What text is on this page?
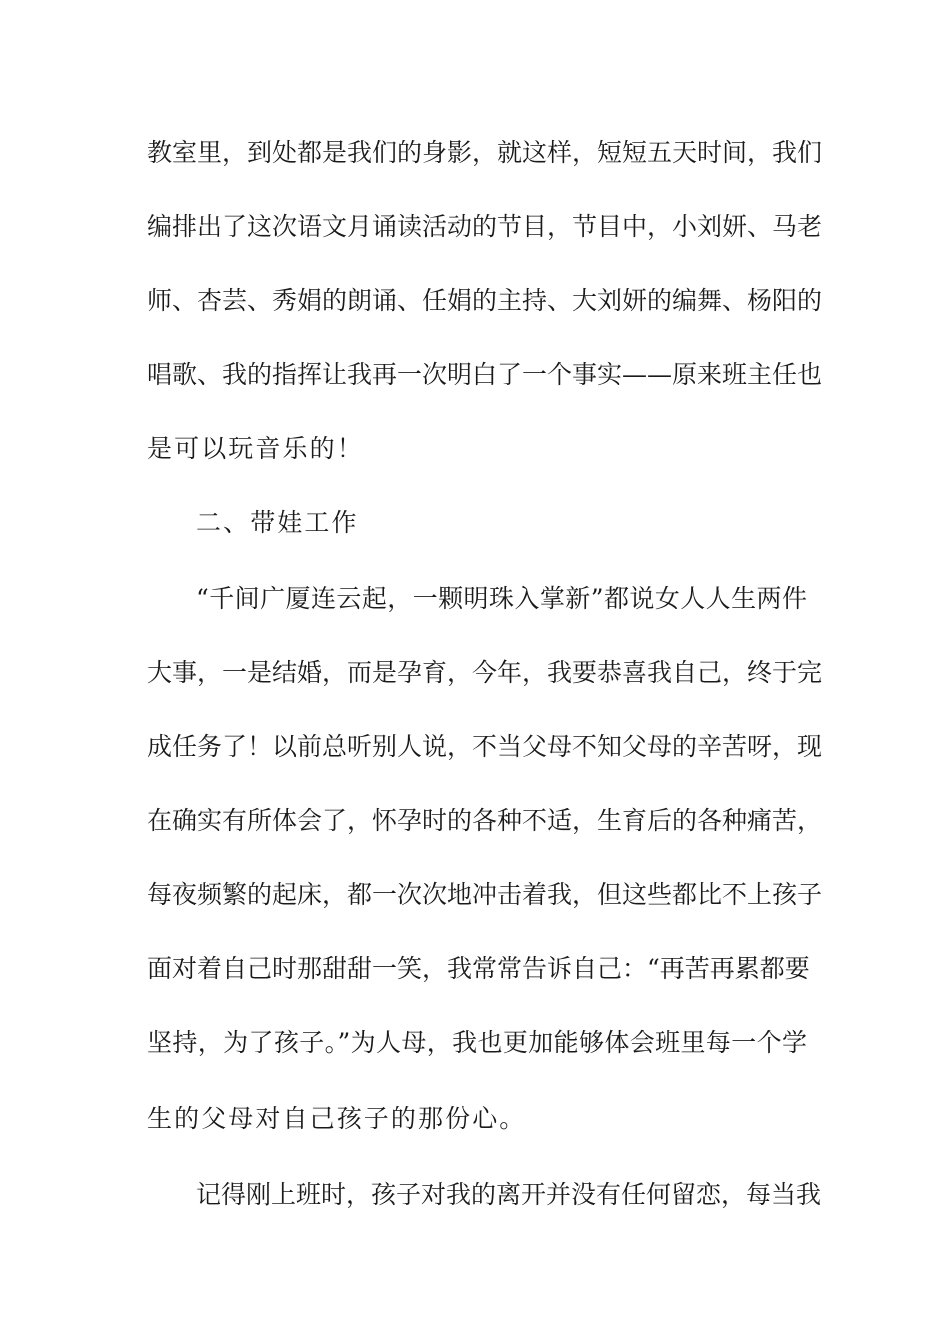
教室里，到处都是我们的身影，就这样，短短五天时间，我们
编排出了这次语文月诵读活动的节目，节目中，小刘妍、马老
师、杏芸、秀娟的朗诵、任娟的主持、大刘妍的编舞、杨阳的
唱歌、我的指挥让我再一次明白了一个事实——原来班主任也
是可以玩音乐的！
二、带娃工作
“千间广厦连云起，一颗明珠入掌新”都说女人人生两件
大事，一是结婚，而是孕育，今年，我要恭喜我自己，终于完
成任务了！以前总听别人说，不当父母不知父母的辛苦呀，现
在确实有所体会了，怀孕时的各种不适，生育后的各种痛苦，
每夜频繁的起床，都一次次地冲击着我，但这些都比不上孩子
面对着自己时那甜甜一笑，我常常告诉自己：“再苦再累都要
坚持，为了孩子。”为人母，我也更加能够体会班里每一个学
生的父母对自己孩子的那份心。
记得刚上班时，孩子对我的离开并没有任何留恋，每当我
